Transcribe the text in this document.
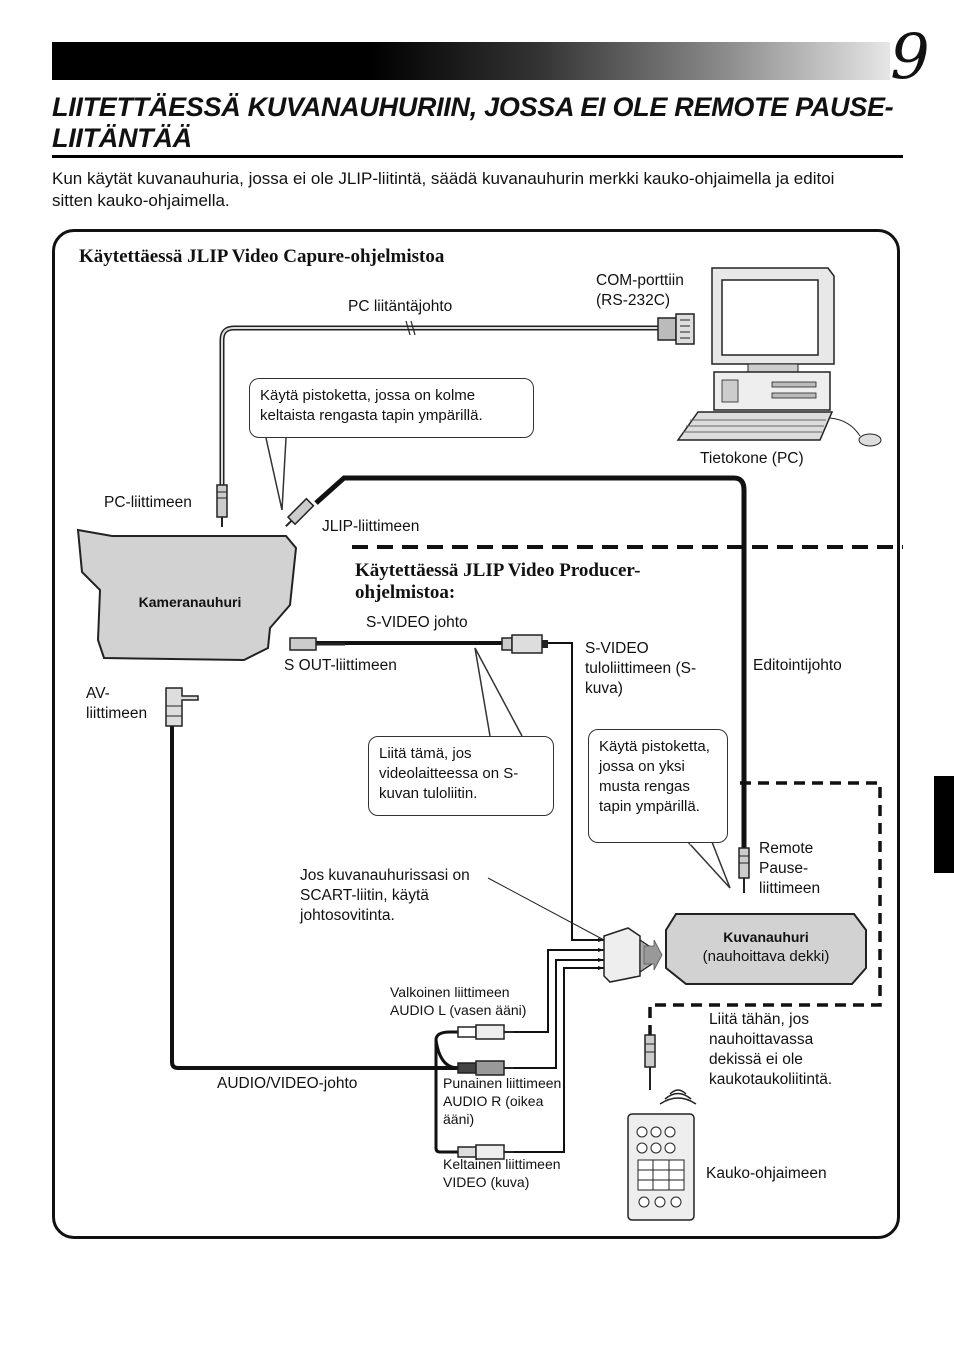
9
LIITETTÄESSÄ KUVANAUHURIIN, JOSSA EI OLE REMOTE PAUSE-LIITÄNTÄÄ
Kun käytät kuvanauhuria, jossa ei ole JLIP-liitintä, säädä kuvanauhurin merkki kauko-ohjaimella ja editoi sitten kauko-ohjaimella.
Käytä pistoketta, jossa on kolme keltaista rengasta tapin ympärillä.
Liitä tämä, jos videolaitteessa on S-kuvan tuloliitin.
Käytä pistoketta, jossa on yksi musta rengas tapin ympärillä.
Käytettäessä JLIP Video Capure-ohjelmistoa
Käytettäessä JLIP Video Producer-ohjelmistoa:
COM-porttiin (RS-232C)
PC liitäntäjohto
Tietokone (PC)
PC-liittimeen
JLIP-liittimeen
Kameranauhuri
S-VIDEO johto
S OUT-liittimeen
S-VIDEO tuloliittimeen (S-kuva)
Editointijohto
AV-liittimeen
Remote Pause-liittimeen
Jos kuvanauhurissasi on SCART-liitin, käytä johtosovitinta.
Kuvanauhuri
(nauhoittava dekki)
Valkoinen liittimeen AUDIO L (vasen ääni)
Liitä tähän, jos nauhoittavassa dekissä ei ole kaukotaukoliitintä.
AUDIO/VIDEO-johto	Punainen liittimeen AUDIO R (oikea ääni)
Keltainen liittimeen VIDEO (kuva)	Kauko-ohjaimeen
